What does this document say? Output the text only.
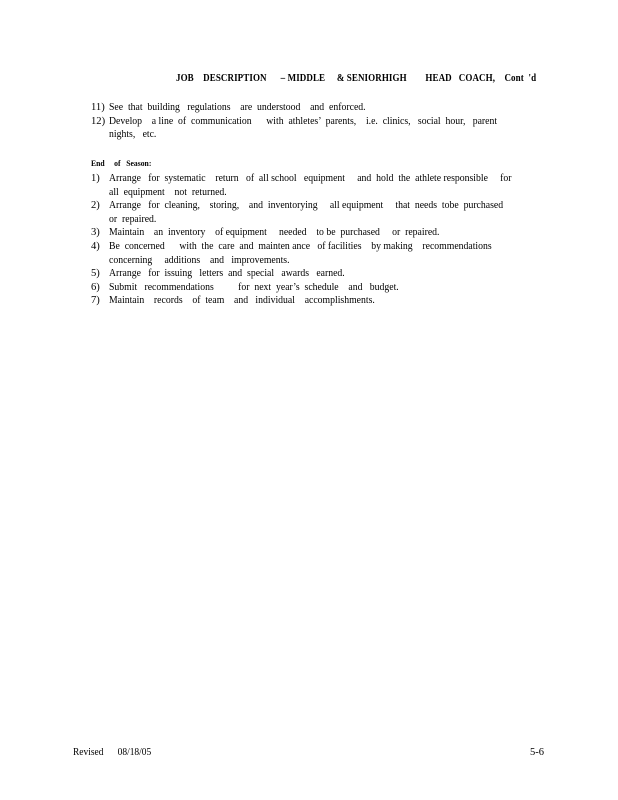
JOB    DESCRIPTION      – MIDDLE     & SENIORHIGH        HEAD   COACH,    Cont  'd
11) See  that  building   regulations    are  understood    and  enforced.
12) Develop    a line  of  communication      with  athletes’  parents,    i.e.  clinics,   social  hour,   parent
nights,   etc.
End     of   Season:
1) Arrange   for  systematic    return   of  all school   equipment     and  hold  the  athlete responsible     for
all  equipment    not  returned.
2) Arrange   for  cleaning,    storing,    and  inventorying     all equipment     that  needs  tobe  purchased
or  repaired.
3) Maintain    an  inventory    of equipment     needed    to be  purchased     or  repaired.
4) Be  concerned      with  the  care  and  mainten ance   of facilities    by making    recommendations
concerning     additions    and   improvements.
5) Arrange   for  issuing   letters  and  special   awards   earned.
6) Submit   recommendations          for  next  year’s  schedule    and   budget.
7) Maintain    records    of  team    and   individual    accomplishments.
Revised      08/18/05	5-6
